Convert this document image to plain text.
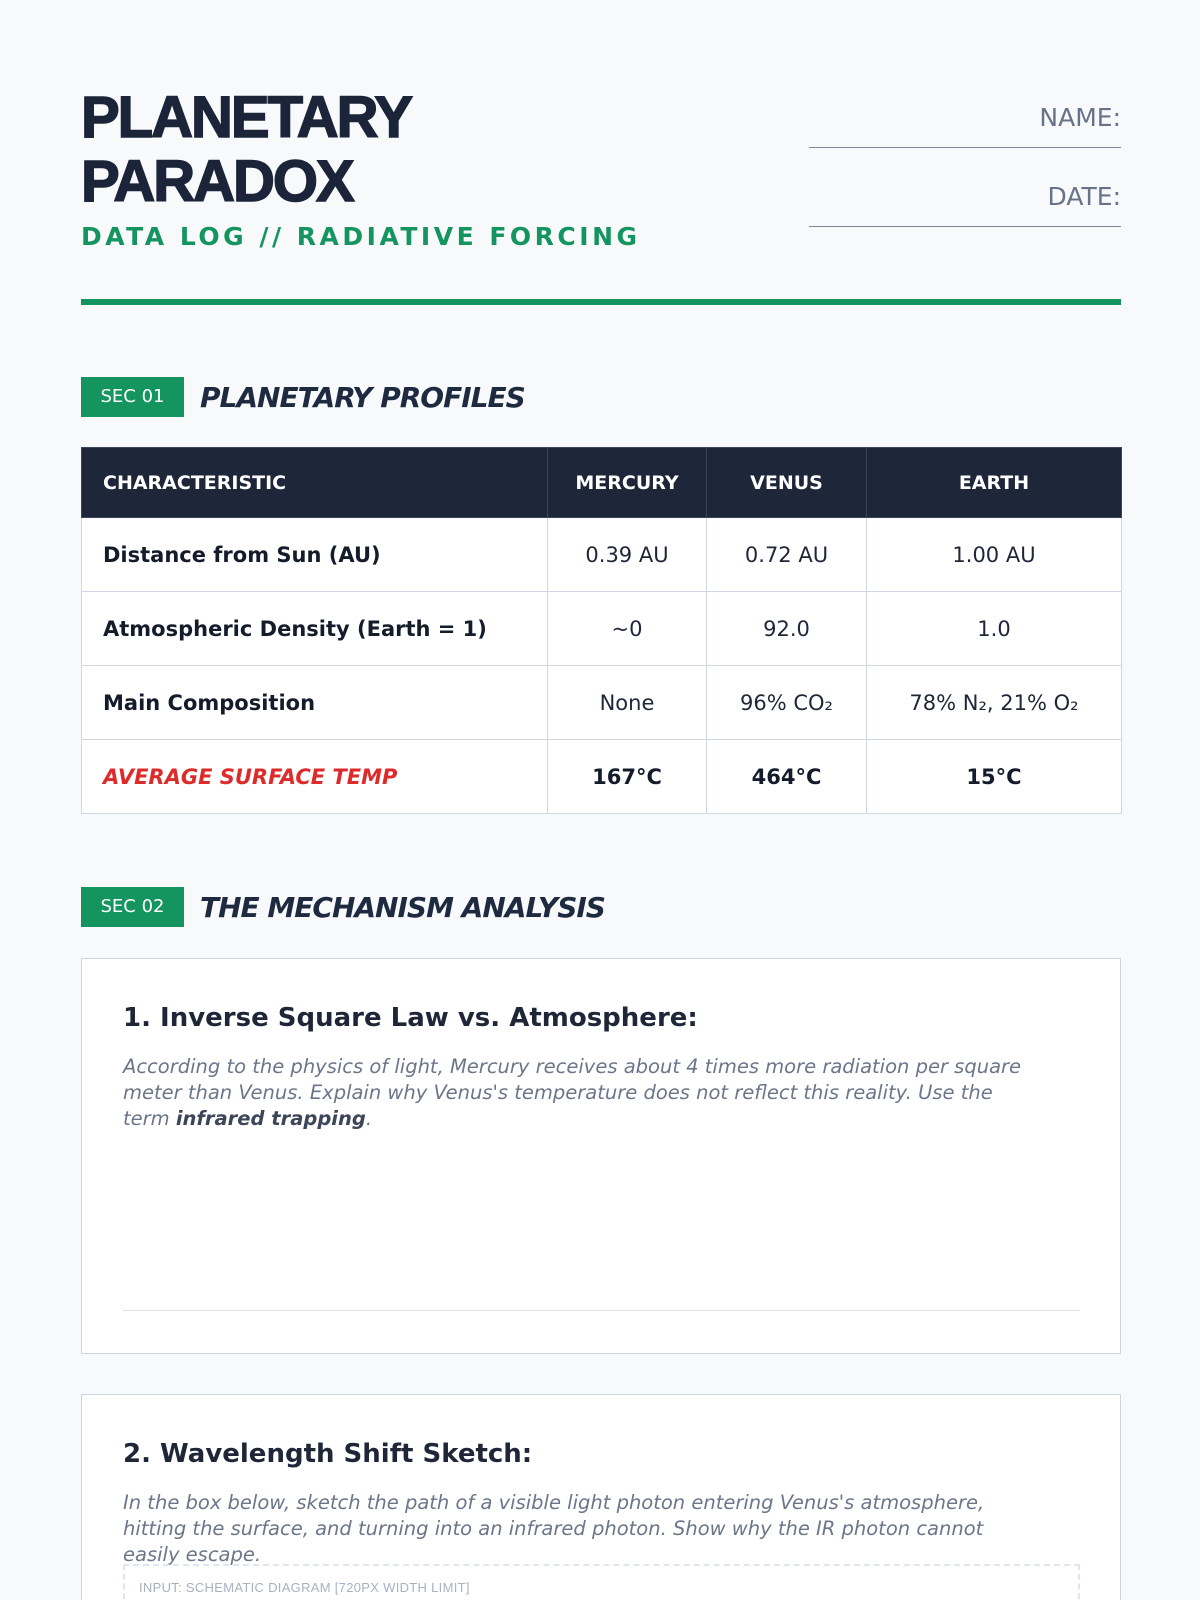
PLANETARY PARADOX
DATA LOG // RADIATIVE FORCING
NAME:
DATE:
SEC 01	PLANETARY PROFILES
CHARACTERISTIC	MERCURY	VENUS	EARTH
Distance from Sun (AU)	0.39 AU	0.72 AU	1.00 AU
Atmospheric Density (Earth = 1)	~0	92.0	1.0
Main Composition	None	96% CO₂	78% N₂, 21% O₂
AVERAGE SURFACE TEMP	167°C	464°C	15°C
SEC 02	THE MECHANISM ANALYSIS
1. Inverse Square Law vs. Atmosphere:
According to the physics of light, Mercury receives about 4 times more radiation per square meter than Venus. Explain why Venus's temperature does not reflect this reality. Use the term infrared trapping.
2. Wavelength Shift Sketch:
In the box below, sketch the path of a visible light photon entering Venus's atmosphere, hitting the surface, and turning into an infrared photon. Show why the IR photon cannot easily escape.
INPUT: SCHEMATIC DIAGRAM [720PX WIDTH LIMIT]
